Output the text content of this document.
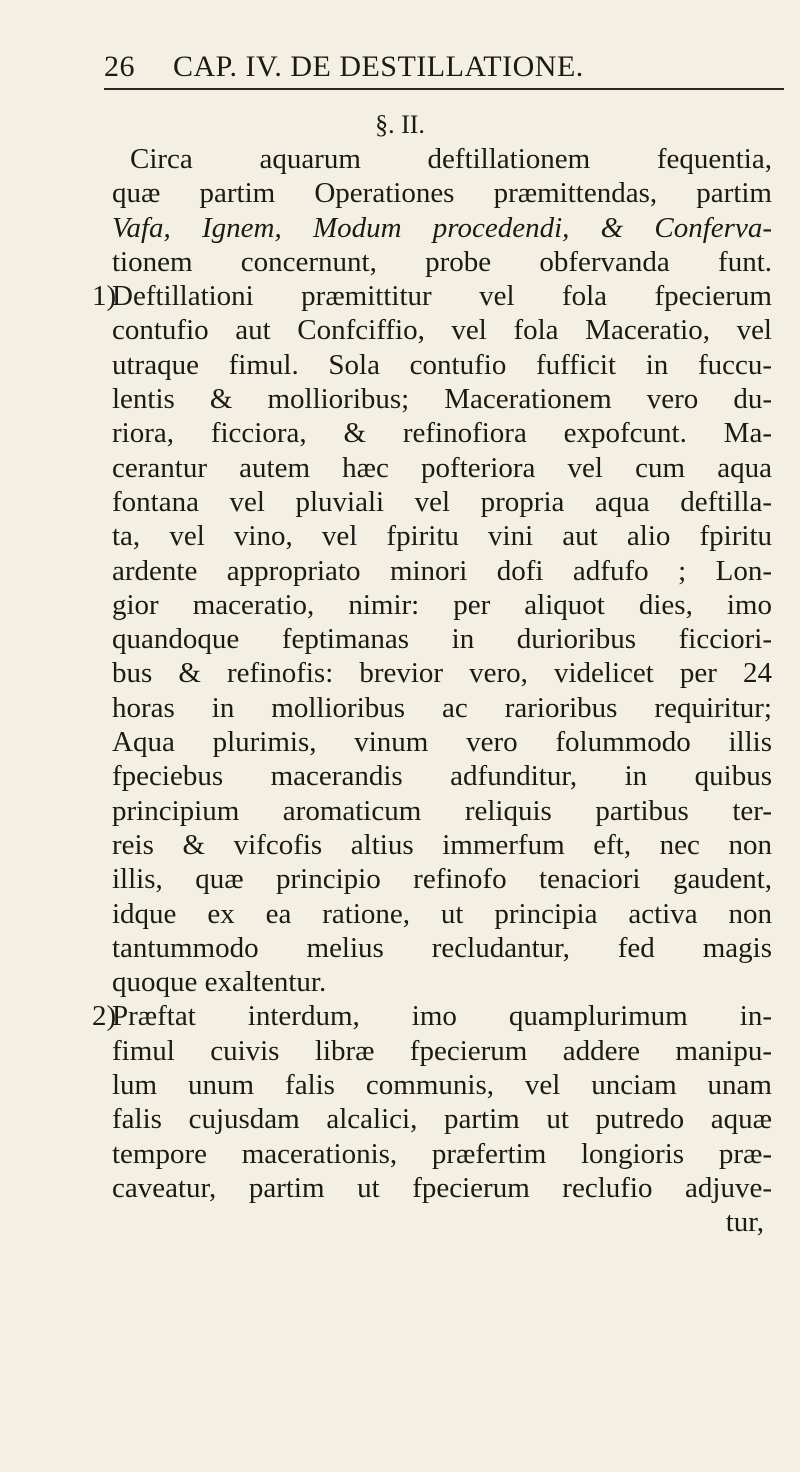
26 CAP. IV. DE DESTILLATIONE.
§. II.
Circa aquarum deftillationem fequentia,
quæ partim Operationes præmittendas, partim
Vafa, Ignem, Modum procedendi, & Conferva-
tionem concernunt, probe obfervanda funt.
1)
Deftillationi præmittitur vel fola fpecierum
contufio aut Confciffio, vel fola Maceratio, vel
utraque fimul. Sola contufio fufficit in fuccu-
lentis & mollioribus; Macerationem vero du-
riora, ficciora, & refinofiora expofcunt. Ma-
cerantur autem hæc pofteriora vel cum aqua
fontana vel pluviali vel propria aqua deftilla-
ta, vel vino, vel fpiritu vini aut alio fpiritu
ardente appropriato minori dofi adfufo ; Lon-
gior maceratio, nimir: per aliquot dies, imo
quandoque feptimanas in durioribus ficciori-
bus & refinofis: brevior vero, videlicet per 24
horas in mollioribus ac rarioribus requiritur;
Aqua plurimis, vinum vero folummodo illis
fpeciebus macerandis adfunditur, in quibus
principium aromaticum reliquis partibus ter-
reis & vifcofis altius immerfum eft, nec non
illis, quæ principio refinofo tenaciori gaudent,
idque ex ea ratione, ut principia activa non
tantummodo melius recludantur, fed magis
quoque exaltentur.
2)
Præftat interdum, imo quamplurimum in-
fimul cuivis libræ fpecierum addere manipu-
lum unum falis communis, vel unciam unam
falis cujusdam alcalici, partim ut putredo aquæ
tempore macerationis, præfertim longioris præ-
caveatur, partim ut fpecierum reclufio adjuve-
tur,
